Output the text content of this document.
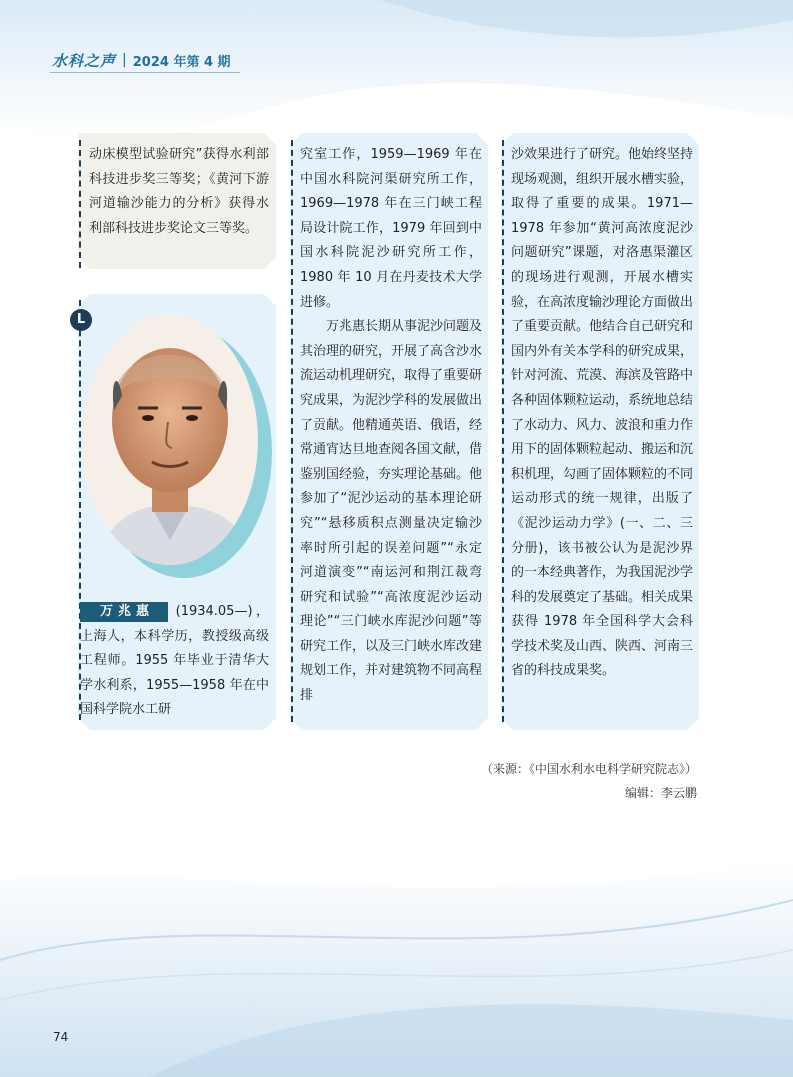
水科之声 | 2024 年第 4 期
动床模型试验研究”获得水利部科技进步奖三等奖；《黄河下游河道输沙能力的分析》获得水利部科技进步奖论文三等奖。
L
万兆惠 (1934.05—)，上海人，本科学历，教授级高级工程师。1955 年毕业于清华大学水利系，1955—1958 年在中国科学院水工研

究室工作，1959—1969 年在中国水科院河渠研究所工作，1969—1978 年在三门峡工程局设计院工作，1979 年回到中国水科院泥沙研究所工作，1980 年 10 月在丹麦技术大学进修。

万兆惠长期从事泥沙问题及其治理的研究，开展了高含沙水流运动机理研究，取得了重要研究成果，为泥沙学科的发展做出了贡献。他精通英语、俄语，经常通宵达旦地查阅各国文献，借鉴别国经验，夯实理论基础。他参加了“泥沙运动的基本理论研究”“悬移质积点测量决定输沙率时所引起的误差问题”“永定河道演变”“南运河和荆江裁弯研究和试验”“高浓度泥沙运动理论”“三门峡水库泥沙问题”等研究工作，以及三门峡水库改建规划工作，并对建筑物不同高程排

沙效果进行了研究。他始终坚持现场观测，组织开展水槽实验，取得了重要的成果。1971—1978 年参加“黄河高浓度泥沙问题研究”课题，对洛惠渠灌区的现场进行观测，开展水槽实验，在高浓度输沙理论方面做出了重要贡献。他结合自己研究和国内外有关本学科的研究成果，针对河流、荒漠、海滨及管路中各种固体颗粒运动，系统地总结了水动力、风力、波浪和重力作用下的固体颗粒起动、搬运和沉积机理，勾画了固体颗粒的不同运动形式的统一规律，出版了《泥沙运动力学》(一、二、三分册)，该书被公认为是泥沙界的一本经典著作，为我国泥沙学科的发展奠定了基础。相关成果获得 1978 年全国科学大会科学技术奖及山西、陕西、河南三省的科技成果奖。

（来源：《中国水利水电科学研究院志》）
编辑：李云鹏
74
